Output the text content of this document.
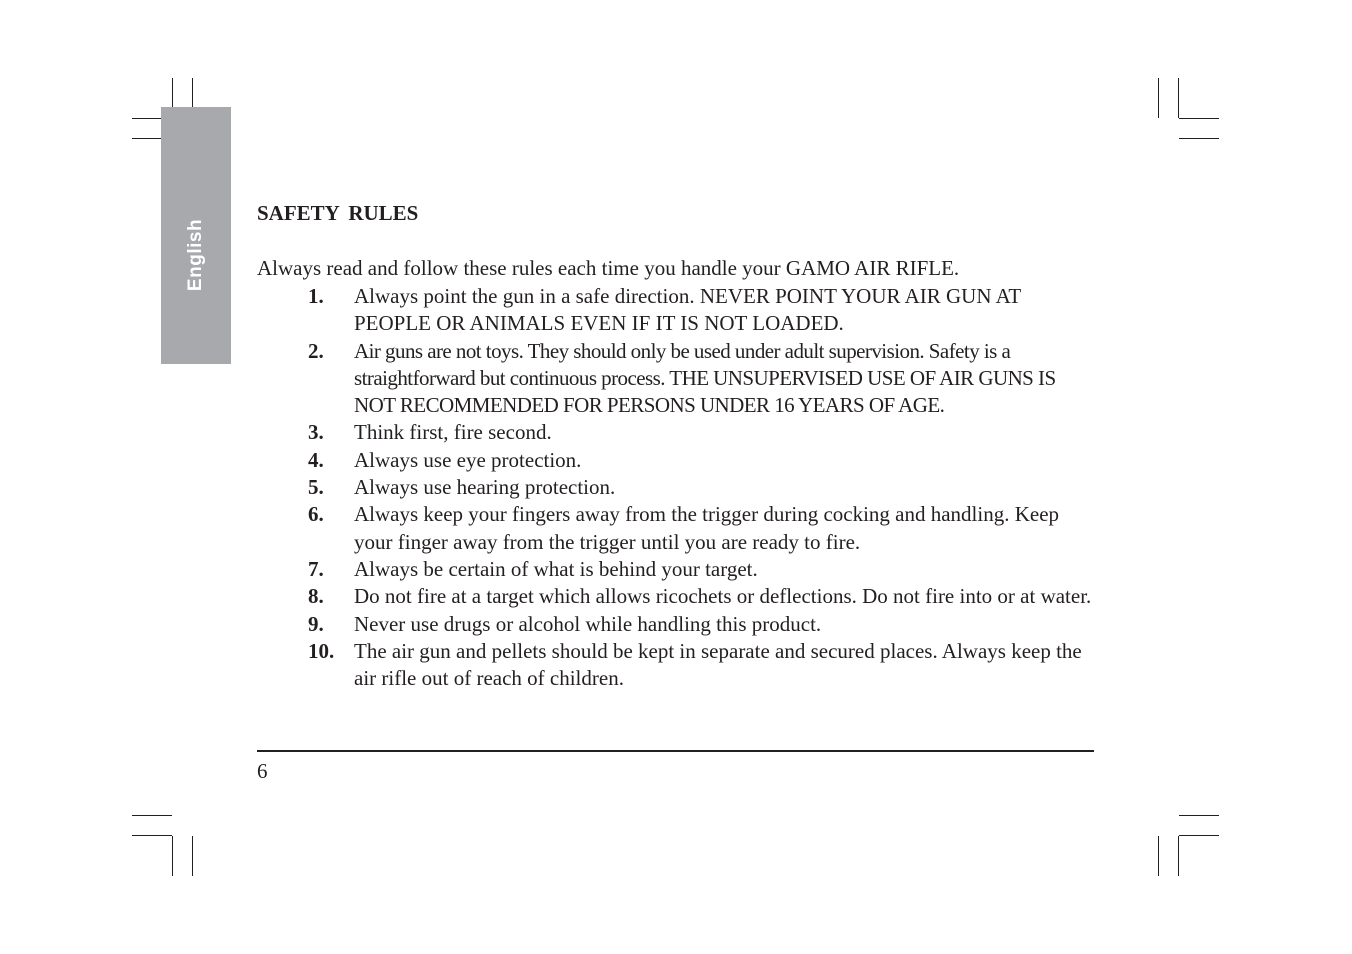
English
SAFETY RULES
Always read and follow these rules each time you handle your GAMO AIR RIFLE.
1. Always point the gun in a safe direction. NEVER POINT YOUR AIR GUN AT PEOPLE OR ANIMALS EVEN IF IT IS NOT LOADED.
2. Air guns are not toys. They should only be used under adult supervision. Safety is a straightforward but continuous process. THE UNSUPERVISED USE OF AIR GUNS IS NOT RECOMMENDED FOR PERSONS UNDER 16 YEARS OF AGE.
3. Think first, fire second.
4. Always use eye protection.
5. Always use hearing protection.
6. Always keep your fingers away from the trigger during cocking and handling. Keep your finger away from the trigger until you are ready to fire.
7. Always be certain of what is behind your target.
8. Do not fire at a target which allows ricochets or deflections. Do not fire into or at water.
9. Never use drugs or alcohol while handling this product.
10. The air gun and pellets should be kept in separate and secured places. Always keep the air rifle out of reach of children.
6
